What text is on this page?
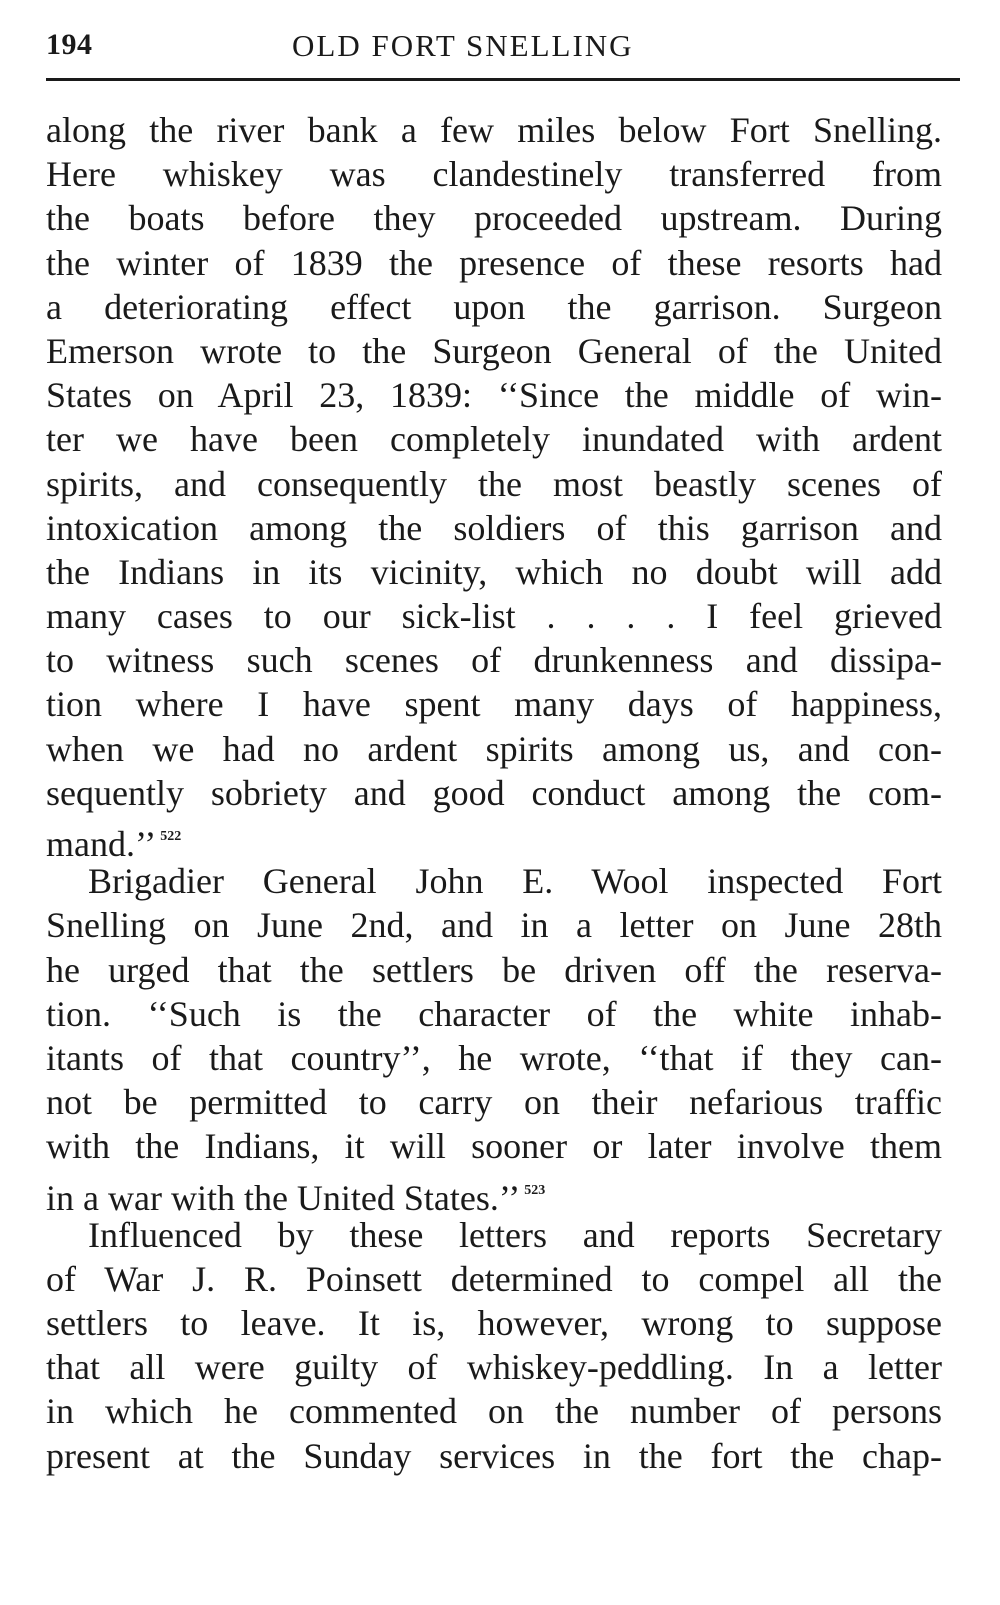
194	OLD FORT SNELLING
along the river bank a few miles below Fort Snelling.
Here whiskey was clandestinely transferred from
the boats before they proceeded upstream. During
the winter of 1839 the presence of these resorts had
a deteriorating effect upon the garrison. Surgeon
Emerson wrote to the Surgeon General of the United
States on April 23, 1839: ‘‘Since the middle of win-
ter we have been completely inundated with ardent
spirits, and consequently the most beastly scenes of
intoxication among the soldiers of this garrison and
the Indians in its vicinity, which no doubt will add
many cases to our sick-list . . . . I feel grieved
to witness such scenes of drunkenness and dissipa-
tion where I have spent many days of happiness,
when we had no ardent spirits among us, and con-
sequently sobriety and good conduct among the com-
mand.’’ $^{522}$
Brigadier General John E. Wool inspected Fort
Snelling on June 2nd, and in a letter on June 28th
he urged that the settlers be driven off the reserva-
tion. ‘‘Such is the character of the white inhab-
itants of that country’’, he wrote, ‘‘that if they can-
not be permitted to carry on their nefarious traffic
with the Indians, it will sooner or later involve them
in a war with the United States.’’ $^{523}$
Influenced by these letters and reports Secretary
of War J. R. Poinsett determined to compel all the
settlers to leave. It is, however, wrong to suppose
that all were guilty of whiskey-peddling. In a letter
in which he commented on the number of persons
present at the Sunday services in the fort the chap-
